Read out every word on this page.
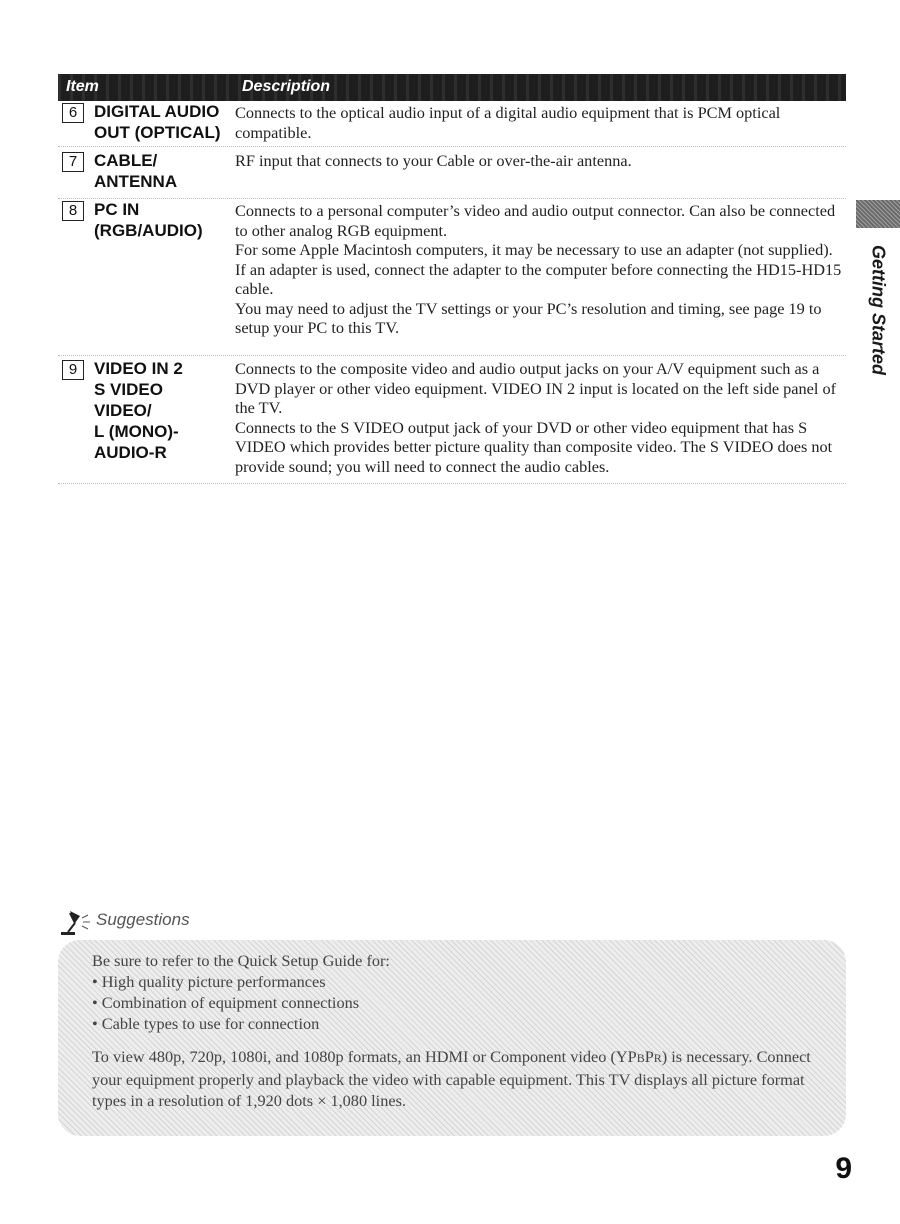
Item	Description
6 DIGITAL AUDIO
OUT (OPTICAL)

Connects to the optical audio input of a digital audio equipment that is PCM optical compatible.

7 CABLE/
ANTENNA

RF input that connects to your Cable or over-the-air antenna.

8 PC IN
(RGB/AUDIO)

Connects to a personal computer’s video and audio output connector. Can also be connected to other analog RGB equipment.

For some Apple Macintosh computers, it may be necessary to use an adapter (not supplied). If an adapter is used, connect the adapter to the computer before connecting the HD15-HD15 cable.

You may need to adjust the TV settings or your PC’s resolution and timing, see page 19 to setup your PC to this TV.

9 VIDEO IN 2
S VIDEO
VIDEO/
L (MONO)-
AUDIO-R

Connects to the composite video and audio output jacks on your A/V equipment such as a DVD player or other video equipment. VIDEO IN 2 input is located on the left side panel of the TV.

Connects to the S VIDEO output jack of your DVD or other video equipment that has S VIDEO which provides better picture quality than composite video. The S VIDEO does not provide sound; you will need to connect the audio cables.

Getting Started
Suggestions

Be sure to refer to the Quick Setup Guide for:

• High quality picture performances

• Combination of equipment connections

• Cable types to use for connection

To view 480p, 720p, 1080i, and 1080p formats, an HDMI or Component video (YPBPR) is necessary. Connect your equipment properly and playback the video with capable equipment. This TV displays all picture format types in a resolution of 1,920 dots × 1,080 lines.

9
